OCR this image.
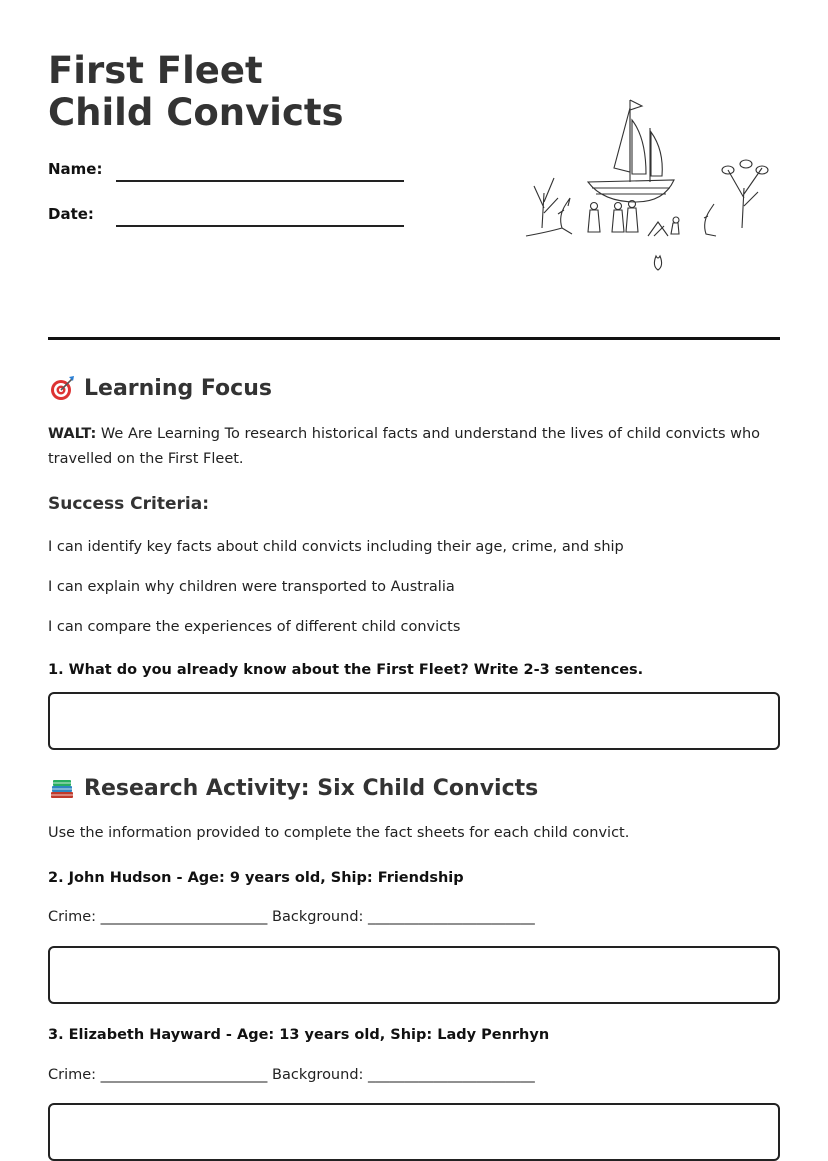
First Fleet Child Convicts
Name:
Date:
Learning Focus
WALT: We Are Learning To research historical facts and understand the lives of child convicts who travelled on the First Fleet.
Success Criteria:
I can identify key facts about child convicts including their age, crime, and ship
I can explain why children were transported to Australia
I can compare the experiences of different child convicts
1. What do you already know about the First Fleet? Write 2-3 sentences.
Research Activity: Six Child Convicts
Use the information provided to complete the fact sheets for each child convict.
2. John Hudson - Age: 9 years old, Ship: Friendship
Crime: _______________________ Background: _______________________
3. Elizabeth Hayward - Age: 13 years old, Ship: Lady Penrhyn
Crime: _______________________ Background: _______________________
